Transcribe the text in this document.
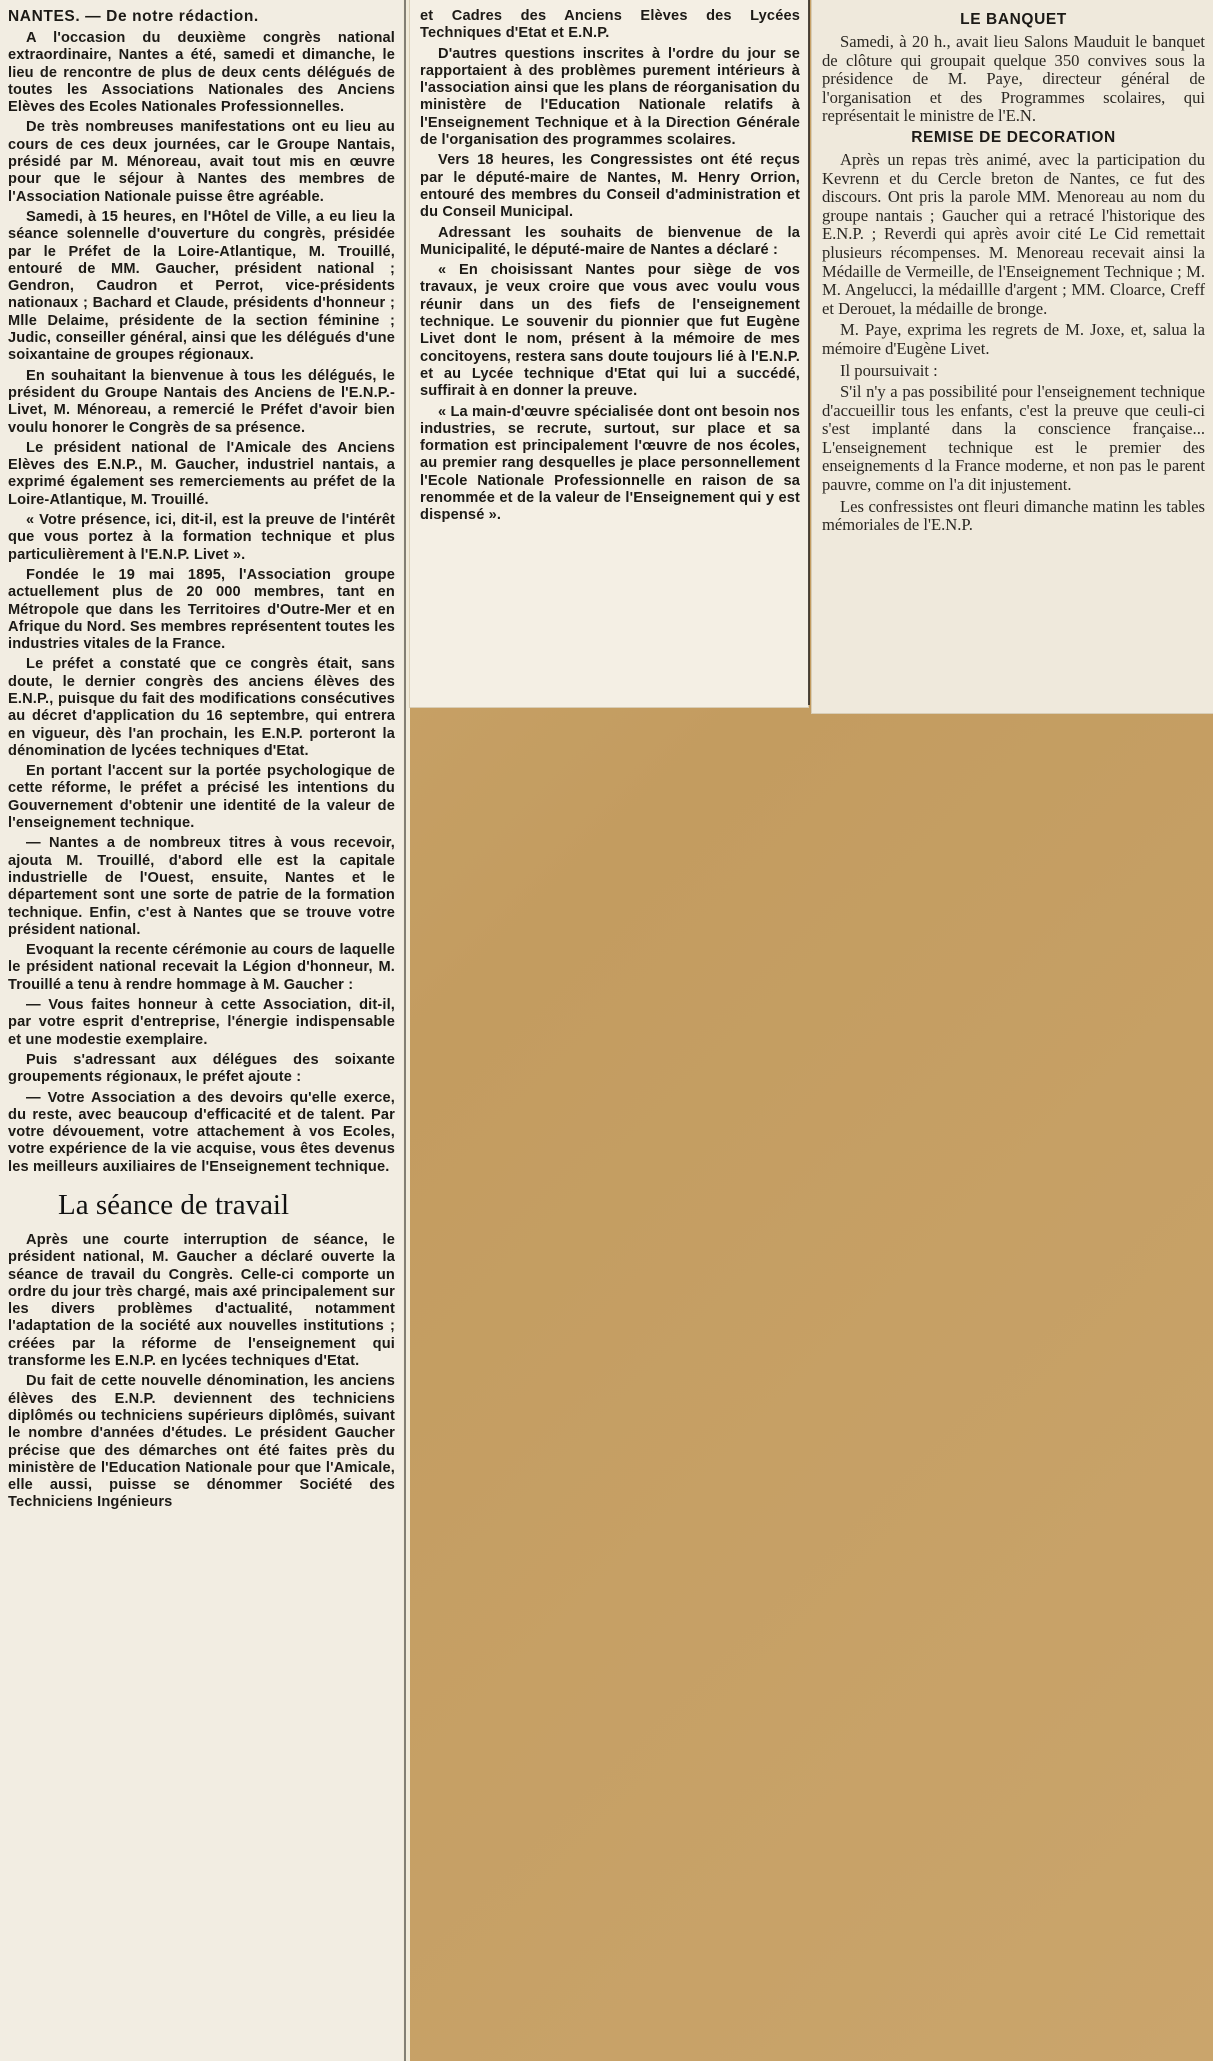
NANTES. — De notre rédaction.

A l'occasion du deuxième congrès national extraordinaire, Nantes a été, samedi et dimanche, le lieu de rencontre de plus de deux cents délégués de toutes les Associations Nationales des Anciens Elèves des Ecoles Nationales Professionnelles.

De très nombreuses manifestations ont eu lieu au cours de ces deux journées, car le Groupe Nantais, présidé par M. Ménoreau, avait tout mis en œuvre pour que le séjour à Nantes des membres de l'Association Nationale puisse être agréable.

Samedi, à 15 heures, en l'Hôtel de Ville, a eu lieu la séance solennelle d'ouverture du congrès, présidée par le Préfet de la Loire-Atlantique, M. Trouillé, entouré de MM. Gaucher, président national ; Gendron, Caudron et Perrot, vice-présidents nationaux ; Bachard et Claude, présidents d'honneur ; Mlle Delaime, présidente de la section féminine ; Judic, conseiller général, ainsi que les délégués d'une soixantaine de groupes régionaux.

En souhaitant la bienvenue à tous les délégués, le président du Groupe Nantais des Anciens de l'E.N.P.-Livet, M. Ménoreau, a remercié le Préfet d'avoir bien voulu honorer le Congrès de sa présence.

Le président national de l'Amicale des Anciens Elèves des E.N.P., M. Gaucher, industriel nantais, a exprimé également ses remerciements au préfet de la Loire-Atlantique, M. Trouillé.

« Votre présence, ici, dit-il, est la preuve de l'intérêt que vous portez à la formation technique et plus particulièrement à l'E.N.P. Livet ».

Fondée le 19 mai 1895, l'Association groupe actuellement plus de 20 000 membres, tant en Métropole que dans les Territoires d'Outre-Mer et en Afrique du Nord. Ses membres représentent toutes les industries vitales de la France.

Le préfet a constaté que ce congrès était, sans doute, le dernier congrès des anciens élèves des E.N.P., puisque du fait des modifications consécutives au décret d'application du 16 septembre, qui entrera en vigueur, dès l'an prochain, les E.N.P. porteront la dénomination de lycées techniques d'Etat.

En portant l'accent sur la portée psychologique de cette réforme, le préfet a précisé les intentions du Gouvernement d'obtenir une identité de la valeur de l'enseignement technique.

— Nantes a de nombreux titres à vous recevoir, ajouta M. Trouillé, d'abord elle est la capitale industrielle de l'Ouest, ensuite, Nantes et le département sont une sorte de patrie de la formation technique. Enfin, c'est à Nantes que se trouve votre président national.

Evoquant la recente cérémonie au cours de laquelle le président national recevait la Légion d'honneur, M. Trouillé a tenu à rendre hommage à M. Gaucher :

— Vous faites honneur à cette Association, dit-il, par votre esprit d'entreprise, l'énergie indispensable et une modestie exemplaire.

Puis s'adressant aux délégues des soixante groupements régionaux, le préfet ajoute :

— Votre Association a des devoirs qu'elle exerce, du reste, avec beaucoup d'efficacité et de talent. Par votre dévouement, votre attachement à vos Ecoles, votre expérience de la vie acquise, vous êtes devenus les meilleurs auxiliaires de l'Enseignement technique.

La séance de travail

Après une courte interruption de séance, le président national, M. Gaucher a déclaré ouverte la séance de travail du Congrès. Celle-ci comporte un ordre du jour très chargé, mais axé principalement sur les divers problèmes d'actualité, notamment l'adaptation de la société aux nouvelles institutions ; créées par la réforme de l'enseignement qui transforme les E.N.P. en lycées techniques d'Etat.

Du fait de cette nouvelle dénomination, les anciens élèves des E.N.P. deviennent des techniciens diplômés ou techniciens supérieurs diplômés, suivant le nombre d'années d'études. Le président Gaucher précise que des démarches ont été faites près du ministère de l'Education Nationale pour que l'Amicale, elle aussi, puisse se dénommer Société des Techniciens Ingénieurs

et Cadres des Anciens Elèves des Lycées Techniques d'Etat et E.N.P.

D'autres questions inscrites à l'ordre du jour se rapportaient à des problèmes purement intérieurs à l'association ainsi que les plans de réorganisation du ministère de l'Education Nationale relatifs à l'Enseignement Technique et à la Direction Générale de l'organisation des programmes scolaires.

Vers 18 heures, les Congressistes ont été reçus par le député-maire de Nantes, M. Henry Orrion, entouré des membres du Conseil d'administration et du Conseil Municipal.

Adressant les souhaits de bienvenue de la Municipalité, le député-maire de Nantes a déclaré :

« En choisissant Nantes pour siège de vos travaux, je veux croire que vous avec voulu vous réunir dans un des fiefs de l'enseignement technique. Le souvenir du pionnier que fut Eugène Livet dont le nom, présent à la mémoire de mes concitoyens, restera sans doute toujours lié à l'E.N.P. et au Lycée technique d'Etat qui lui a succédé, suffirait à en donner la preuve.

« La main-d'œuvre spécialisée dont ont besoin nos industries, se recrute, surtout, sur place et sa formation est principalement l'œuvre de nos écoles, au premier rang desquelles je place personnellement l'Ecole Nationale Professionnelle en raison de sa renommée et de la valeur de l'Enseignement qui y est dispensé ».

LE BANQUET

Samedi, à 20 h., avait lieu Salons Mauduit le banquet de clôture qui groupait quelque 350 convives sous la présidence de M. Paye, directeur général de l'organisation et des Programmes scolaires, qui représentait le ministre de l'E.N.

REMISE DE DECORATION

Après un repas très animé, avec la participation du Kevrenn et du Cercle breton de Nantes, ce fut des discours. Ont pris la parole MM. Menoreau au nom du groupe nantais ; Gaucher qui a retracé l'historique des E.N.P. ; Reverdi qui après avoir cité Le Cid remettait plusieurs récompenses. M. Menoreau recevait ainsi la Médaille de Vermeille, de l'Enseignement Technique ; M. M. Angelucci, la médaillle d'argent ; MM. Cloarce, Creff et Derouet, la médaille de bronge.

M. Paye, exprima les regrets de M. Joxe, et, salua la mémoire d'Eugène Livet.

Il poursuivait :

S'il n'y a pas possibilité pour l'enseignement technique d'accueillir tous les enfants, c'est la preuve que ceuli-ci s'est implanté dans la conscience française... L'enseignement technique est le premier des enseignements d la France moderne, et non pas le parent pauvre, comme on l'a dit injustement.

Les confressistes ont fleuri dimanche matinn les tables mémoriales de l'E.N.P.
